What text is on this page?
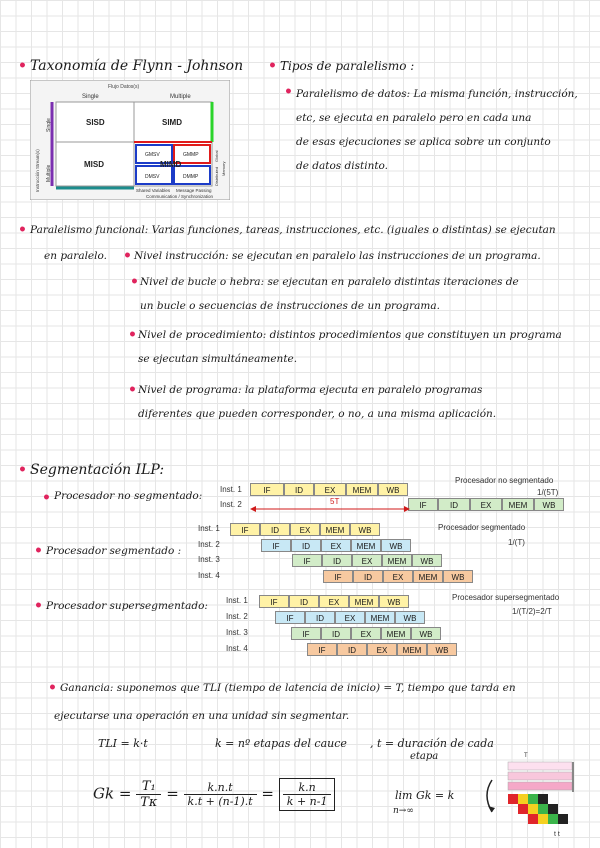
• Taxonomía de Flynn - Johnson
Flujo Datos(s)
Single	Multiple
Instrucción Stream(s)
Single
Multiple
SISD	SIMD
MISD	MIMD
GMSV	GMMP
DMSV	DMMP
Shared Variables Message Passing
Communication / Synchronization
Global
Distributed Memory
• Tipos de paralelismo :
• Paralelismo de datos: La misma función, instrucción,
etc, se ejecuta en paralelo pero en cada una
de esas ejecuciones se aplica sobre un conjunto
de datos distinto.
• Paralelismo funcional: Varias funciones, tareas, instrucciones, etc. (iguales o distintas) se ejecutan
en paralelo. • Nivel instrucción: se ejecutan en paralelo las instrucciones de un programa.
• Nivel de bucle o hebra: se ejecutan en paralelo distintas iteraciones de
un bucle o secuencias de instrucciones de un programa.
• Nivel de procedimiento: distintos procedimientos que constituyen un programa
se ejecutan simultáneamente.
• Nivel de programa: la plataforma ejecuta en paralelo programas
diferentes que pueden corresponder, o no, a una misma aplicación.
• Segmentación ILP:
• Procesador no segmentado:
• Procesador segmentado :
• Procesador supersegmentado:
Procesador no segmentado
1/(5T)
Inst. 1
Inst. 2
IF	ID	EX	MEM	WB
IF	ID	EX	MEM	WB
5T
Procesador segmentado
1/(T)
Inst. 1	IF	ID	EX	MEM	WB
Inst. 2	IF	ID	EX	MEM	WB
Inst. 3	IF	ID	EX	MEM	WB
Inst. 4	IF	ID	EX	MEM	WB
Procesador supersegmentado
1/(T/2)=2/T
Inst. 1	IF	ID	EX	MEM	WB
Inst. 2	IF	ID	EX	MEM	WB
Inst. 3	IF	ID	EX	MEM	WB
Inst. 4	IF	ID	EX	MEM	WB
• Ganancia: suponemos que TLI (tiempo de latencia de inicio) = T, tiempo que tarda en
ejecutarse una operación en una unidad sin segmentar.
TLI = k·t	k = nº etapas del cauce , t = duración de cada
etapa
$Gk = \frac{\text{T₁}}{T\kappa} = \frac{k.n.t}{k.t + (n-1).t} = \frac{k.n}{k + n-1}$	lim Gk = k
n→∞
T
t t
